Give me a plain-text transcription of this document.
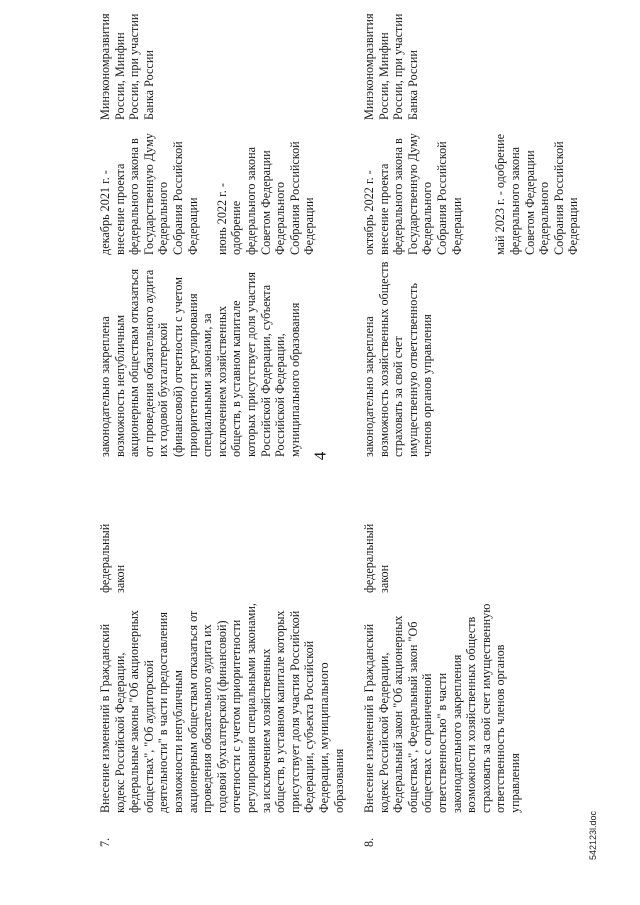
4
7.
Внесение изменений в Гражданский кодекс Российской Федерации, федеральные законы "Об акционерных обществах", "Об аудиторской деятельности" в части предоставления возможности непубличным акционерным обществам отказаться от проведения обязательного аудита их годовой бухгалтерской (финансовой) отчетности с учетом приоритетности регулирования специальными законами, за исключением хозяйственных обществ, в уставном капитале которых присутствует доля участия Российской Федерации, субъекта Российской Федерации, муниципального образования
федеральный закон
законодательно закреплена возможность непубличным акционерным обществам отказаться от проведения обязательного аудита их годовой бухгалтерской (финансовой) отчетности с учетом приоритетности регулирования специальными законами, за исключением хозяйственных обществ, в уставном капитале которых присутствует доля участия Российской Федерации, субъекта Российской Федерации, муниципального образования
декабрь 2021 г. - внесение проекта федерального закона в Государственную Думу Федерального Собрания Российской Федерации июнь 2022 г. - одобрение федерального закона Советом Федерации Федерального Собрания Российской Федерации
Минэкономразвития России, Минфин России, при участии Банка России
8.
Внесение изменений в Гражданский кодекс Российской Федерации, Федеральный закон "Об акционерных обществах", Федеральный закон "Об обществах с ограниченной ответственностью" в части законодательного закрепления возможности хозяйственных обществ страховать за свой счет имущественную ответственность членов органов управления
федеральный закон
законодательно закреплена возможность хозяйственных обществ страховать за свой счет имущественную ответственность членов органов управления
октябрь 2022 г. - внесение проекта федерального закона в Государственную Думу Федерального Собрания Российской Федерации май 2023 г. - одобрение федерального закона Советом Федерации Федерального Собрания Российской Федерации
Минэкономразвития России, Минфин России, при участии Банка России
542123l.doc
